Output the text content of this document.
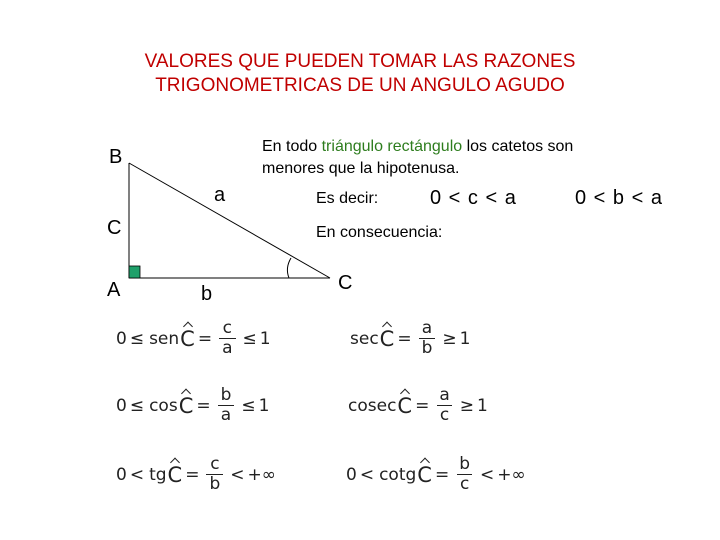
VALORES QUE PUEDEN TOMAR LAS RAZONES
TRIGONOMETRICAS DE UN ANGULO AGUDO
B
C
A
a
b	C
En todo triángulo rectángulo los catetos son
menores que la hipotenusa.
Es decir:	0 < c < a	0 < b < a
En consecuencia:
0 ≤ sen $C = \frac{c}{a} \le 1$	$\sec C = \frac{a}{b} \ge 1$
$0 \le \cos C = \frac{b}{a} \le 1$	cosec $C = \frac{a}{c} \ge 1$
0 < tg $C = \frac{c}{b}$ < +∞	0 < cotg $C = \frac{b}{c}$ < +∞
